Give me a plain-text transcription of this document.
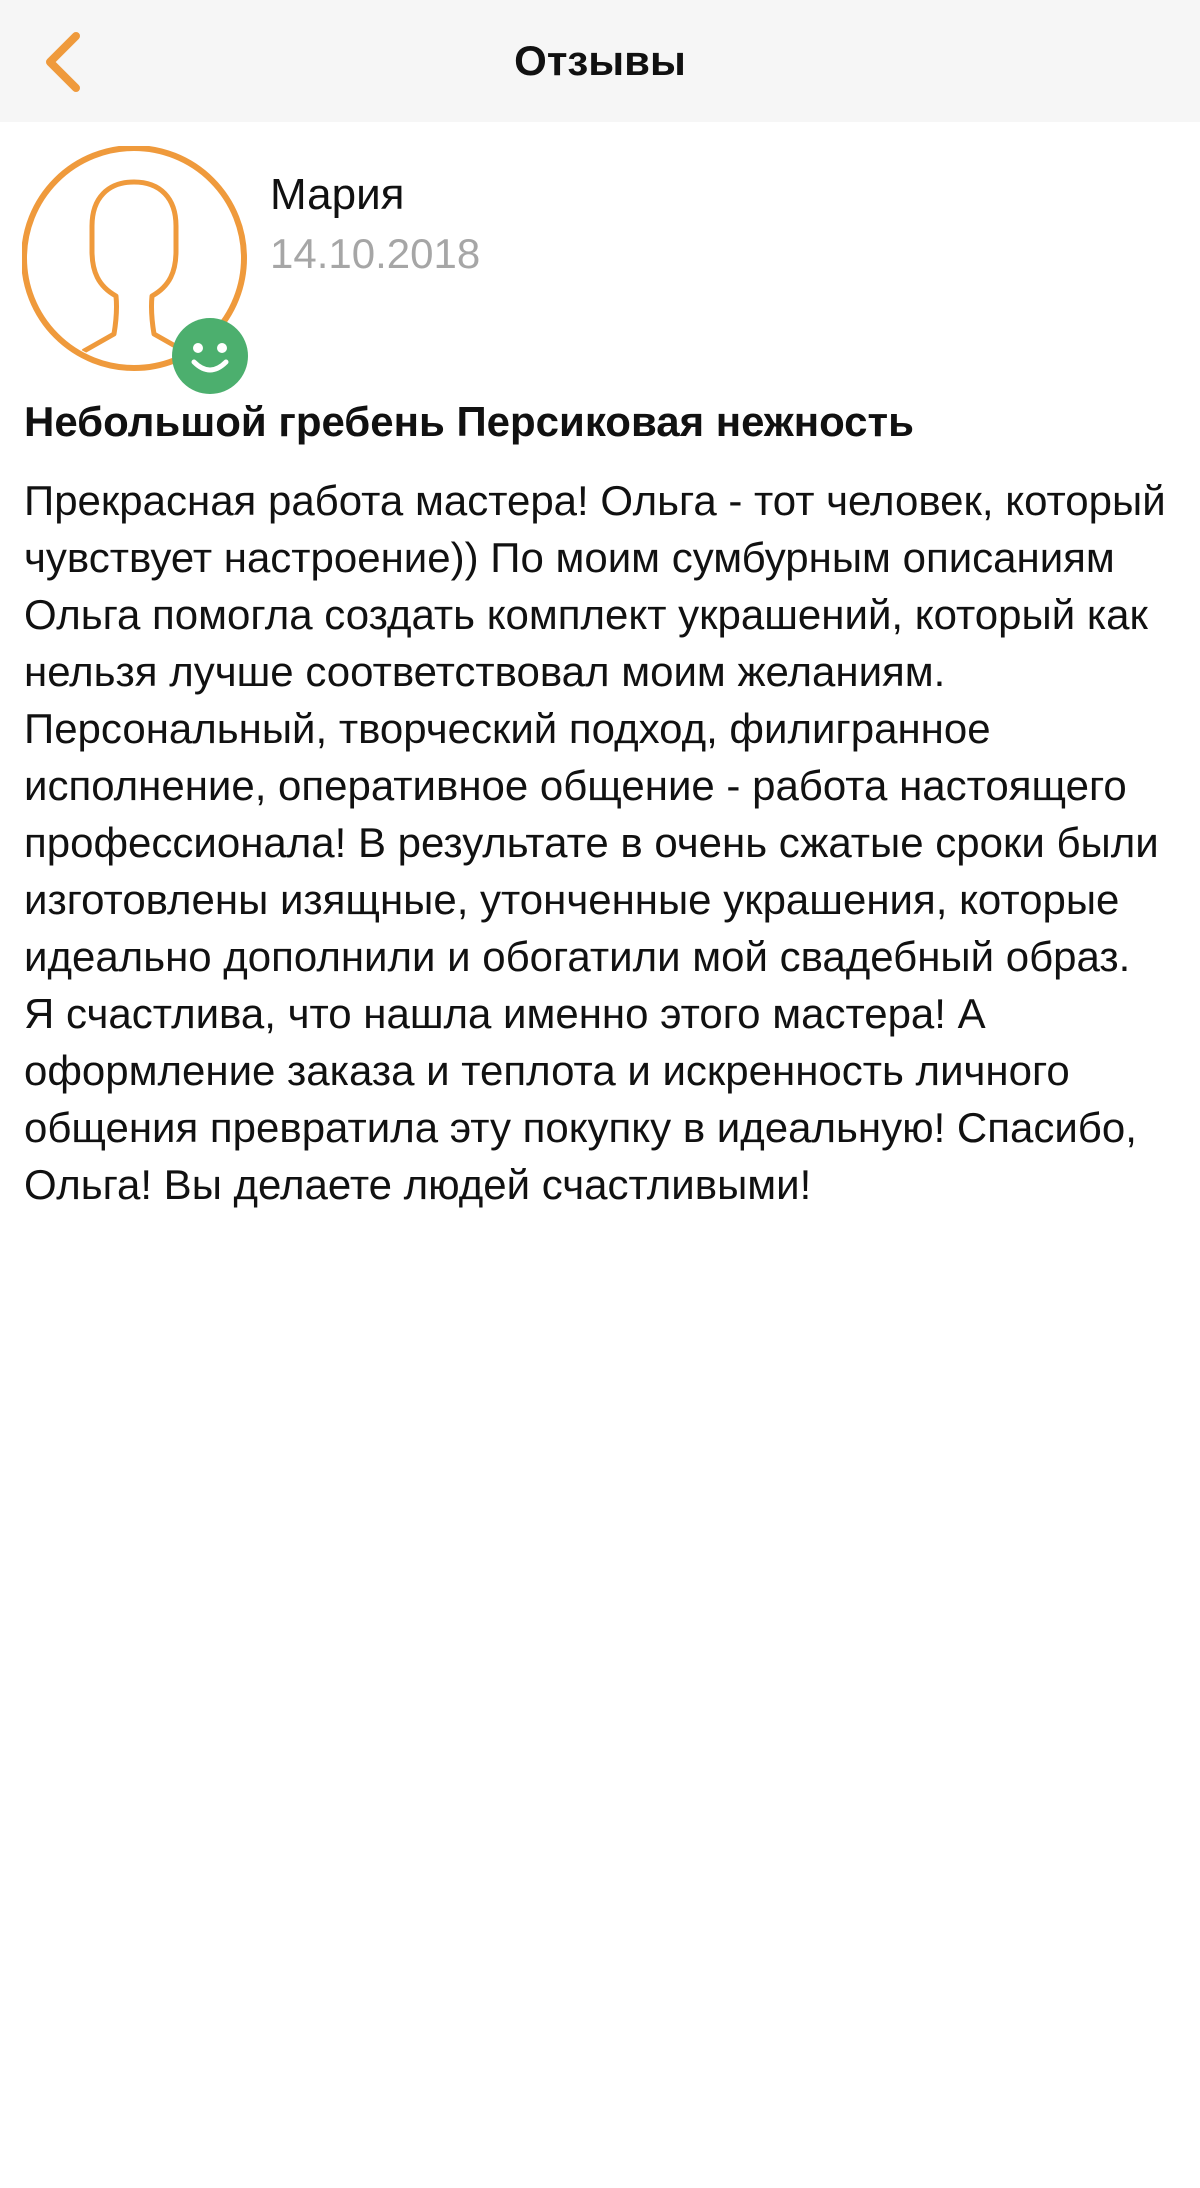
Отзывы
Мария
14.10.2018
Небольшой гребень Персиковая нежность

Прекрасная работа мастера! Ольга - тот человек, который чувствует настроение)) По моим сумбурным описаниям Ольга помогла создать комплект украшений, который как нельзя лучше соответствовал моим желаниям. Персональный, творческий подход, филигранное исполнение, оперативное общение - работа настоящего профессионала! В результате в очень сжатые сроки были изготовлены изящные, утонченные украшения, которые идеально дополнили и обогатили мой свадебный образ.

Я счастлива, что нашла именно этого мастера! А оформление заказа и теплота и искренность личного общения превратила эту покупку в идеальную! Спасибо, Ольга! Вы делаете людей счастливыми!
